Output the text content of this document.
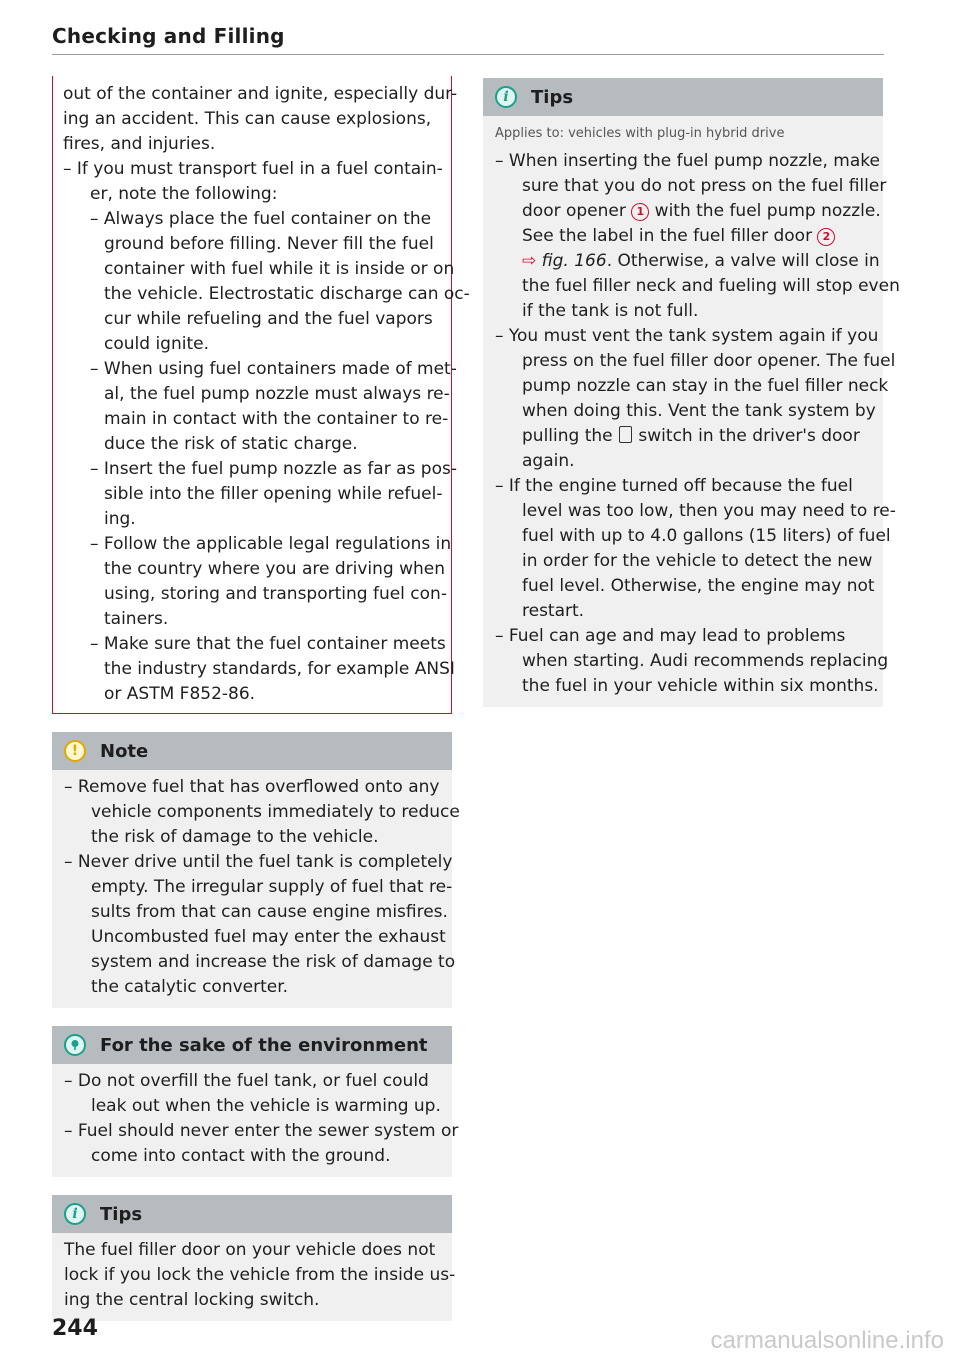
Checking and Filling

out of the container and ignite, especially dur-

ing an accident. This can cause explosions,

fires, and injuries.

– If you must transport fuel in a fuel contain-

er, note the following:

– Always place the fuel container on the

ground before filling. Never fill the fuel

container with fuel while it is inside or on

the vehicle. Electrostatic discharge can oc-

cur while refueling and the fuel vapors

could ignite.

– When using fuel containers made of met-

al, the fuel pump nozzle must always re-

main in contact with the container to re-

duce the risk of static charge.

– Insert the fuel pump nozzle as far as pos-

sible into the filler opening while refuel-

ing.

– Follow the applicable legal regulations in

the country where you are driving when

using, storing and transporting fuel con-

tainers.

– Make sure that the fuel container meets

the industry standards, for example ANSI

or ASTM F852-86.

!	Note

– Remove fuel that has overflowed onto any

vehicle components immediately to reduce

the risk of damage to the vehicle.

– Never drive until the fuel tank is completely

empty. The irregular supply of fuel that re-

sults from that can cause engine misfires.

Uncombusted fuel may enter the exhaust

system and increase the risk of damage to

the catalytic converter.

For the sake of the environment

– Do not overfill the fuel tank, or fuel could

leak out when the vehicle is warming up.

– Fuel should never enter the sewer system or

come into contact with the ground.

i	Tips

The fuel filler door on your vehicle does not

lock if you lock the vehicle from the inside us-

ing the central locking switch.

i	Tips

Applies to: vehicles with plug-in hybrid drive

– When inserting the fuel pump nozzle, make

sure that you do not press on the fuel filler

door opener 1 with the fuel pump nozzle.

See the label in the fuel filler door 2

⇨ fig. 166. Otherwise, a valve will close in

the fuel filler neck and fueling will stop even

if the tank is not full.

– You must vent the tank system again if you

press on the fuel filler door opener. The fuel

pump nozzle can stay in the fuel filler neck

when doing this. Vent the tank system by

pulling the  switch in the driver's door

again.

– If the engine turned off because the fuel

level was too low, then you may need to re-

fuel with up to 4.0 gallons (15 liters) of fuel

in order for the vehicle to detect the new

fuel level. Otherwise, the engine may not

restart.

– Fuel can age and may lead to problems

when starting. Audi recommends replacing

the fuel in your vehicle within six months.

244	carmanualsonline.info
